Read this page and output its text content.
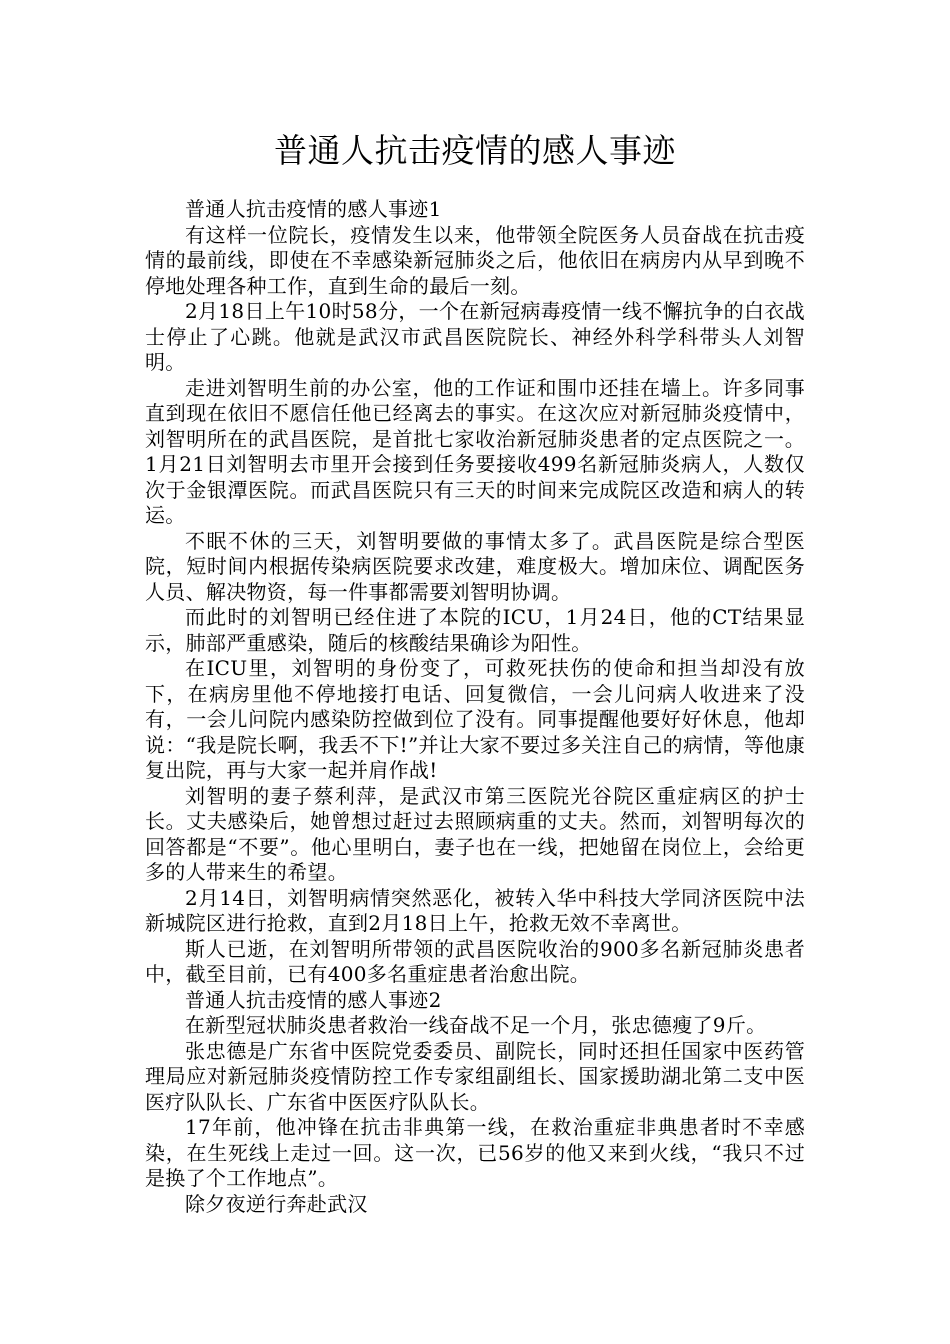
普通人抗击疫情的感人事迹

普通人抗击疫情的感人事迹1

有这样一位院长，疫情发生以来，他带领全院医务人员奋战在抗击疫情的最前线，即使在不幸感染新冠肺炎之后，他依旧在病房内从早到晚不停地处理各种工作，直到生命的最后一刻。

2月18日上午10时58分，一个在新冠病毒疫情一线不懈抗争的白衣战士停止了心跳。他就是武汉市武昌医院院长、神经外科学科带头人刘智明。

走进刘智明生前的办公室，他的工作证和围巾还挂在墙上。许多同事直到现在依旧不愿信任他已经离去的事实。在这次应对新冠肺炎疫情中，刘智明所在的武昌医院，是首批七家收治新冠肺炎患者的定点医院之一。1月21日刘智明去市里开会接到任务要接收499名新冠肺炎病人，人数仅次于金银潭医院。而武昌医院只有三天的时间来完成院区改造和病人的转运。

不眠不休的三天，刘智明要做的事情太多了。武昌医院是综合型医院，短时间内根据传染病医院要求改建，难度极大。增加床位、调配医务人员、解决物资，每一件事都需要刘智明协调。

而此时的刘智明已经住进了本院的ICU，1月24日，他的CT结果显示，肺部严重感染，随后的核酸结果确诊为阳性。

在ICU里，刘智明的身份变了，可救死扶伤的使命和担当却没有放下，在病房里他不停地接打电话、回复微信，一会儿问病人收进来了没有，一会儿问院内感染防控做到位了没有。同事提醒他要好好休息，他却说：“我是院长啊，我丢不下!”并让大家不要过多关注自己的病情，等他康复出院，再与大家一起并肩作战!

刘智明的妻子蔡利萍，是武汉市第三医院光谷院区重症病区的护士长。丈夫感染后，她曾想过赶过去照顾病重的丈夫。然而，刘智明每次的回答都是“不要”。他心里明白，妻子也在一线，把她留在岗位上，会给更多的人带来生的希望。

2月14日，刘智明病情突然恶化，被转入华中科技大学同济医院中法新城院区进行抢救，直到2月18日上午，抢救无效不幸离世。

斯人已逝，在刘智明所带领的武昌医院收治的900多名新冠肺炎患者中，截至目前，已有400多名重症患者治愈出院。

普通人抗击疫情的感人事迹2

在新型冠状肺炎患者救治一线奋战不足一个月，张忠德瘦了9斤。

张忠德是广东省中医院党委委员、副院长，同时还担任国家中医药管理局应对新冠肺炎疫情防控工作专家组副组长、国家援助湖北第二支中医医疗队队长、广东省中医医疗队队长。

17年前，他冲锋在抗击非典第一线，在救治重症非典患者时不幸感染，在生死线上走过一回。这一次，已56岁的他又来到火线，“我只不过是换了个工作地点”。

除夕夜逆行奔赴武汉
